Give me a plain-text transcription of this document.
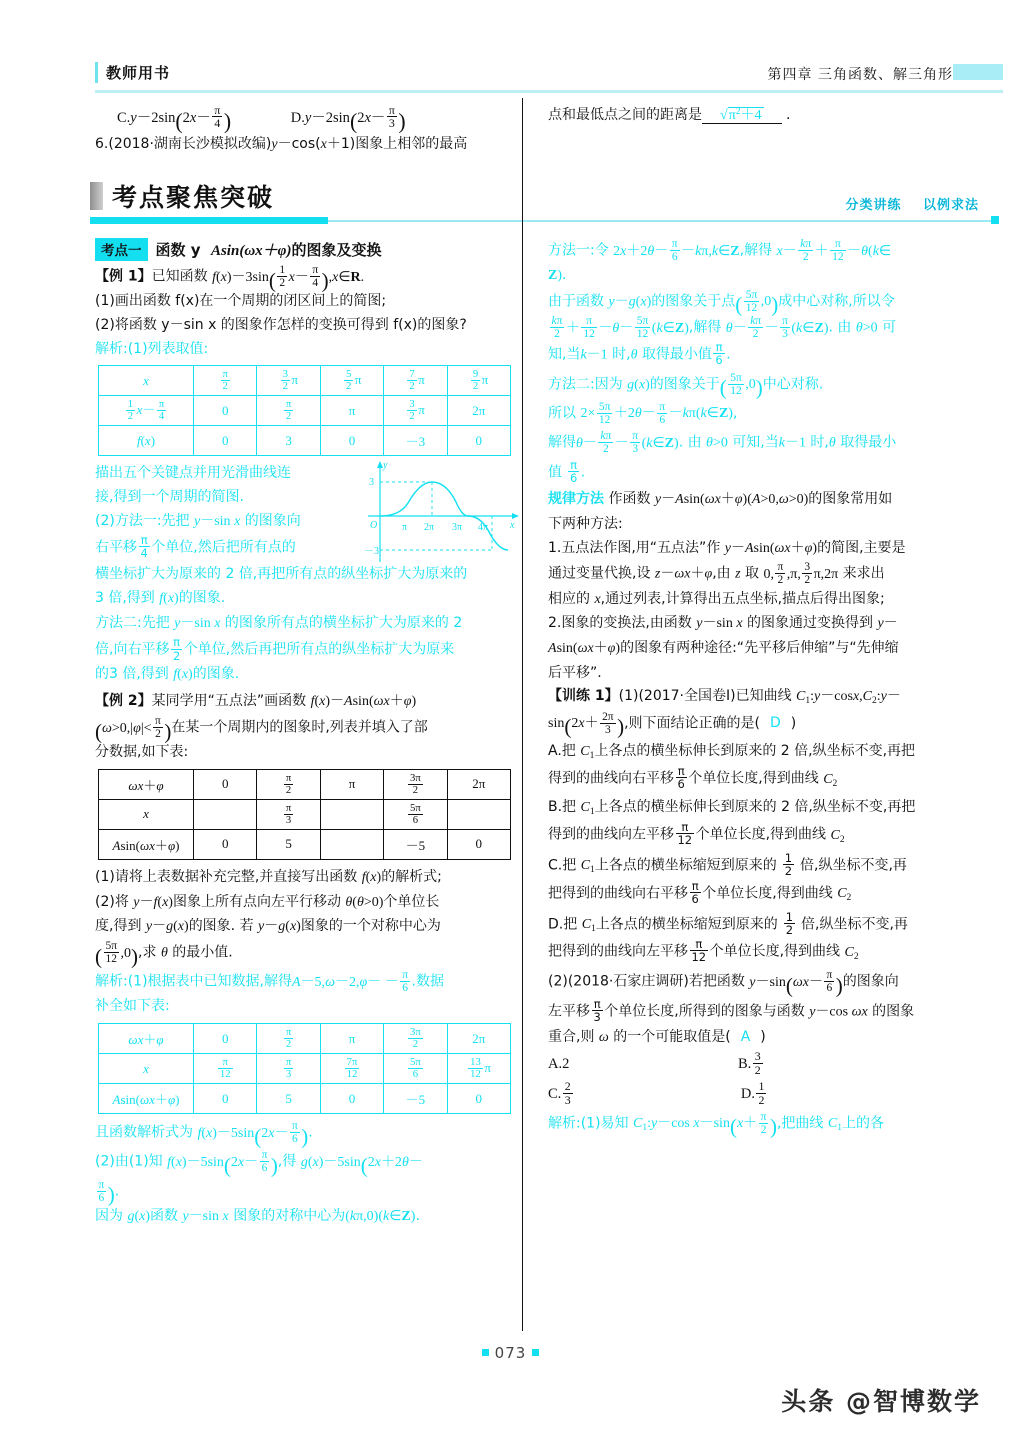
教师用书	第四章 三角函数、解三角形
$C.y-2\sin(2x- \frac{\pi}{4}$ )	$D.y-2\sin(2x- \frac{\pi}{3}$ )
6.(2018·湖南长沙模拟改编)y－cos(x＋1)图象上相邻的最高
点和最低点之间的距离是 $√\pi^2+4$ .
考点聚焦突破	分类讲练 以例求法
考点一 函数 y Asin(ωx＋φ)的图象及变换
【例 1】已知函数 $f(x)-3\sin( \frac{1}{2} x- \frac{\pi}{4}$ ),x∈R.
(1)画出函数 f(x)在一个周期的闭区间上的简图;
(2)将函数 y－sin x 的图象作怎样的变换可得到 f(x)的图象?
解析:(1)列表取值:
x	$\frac{\pi}{2}$	$\frac{3}{2}$ π	$\frac{5}{2}$ π	$\frac{7}{2}$ π	$\frac{9}{2}$ π

$\frac{1}{2} x- \frac{\pi}{4}$	0	$\frac{\pi}{2}$	π	$\frac{3}{2}$ π	2π
f(x)	0	3	0	－3	0
y
x
3
－3
O π 2π 3π 4π
描出五个关键点并用光滑曲线连
接,得到一个周期的简图.
(2)方法一:先把 y－sin x 的图象向
右平移 $\frac{\pi}{4}$ 个单位,然后把所有点的
横坐标扩大为原来的 2 倍,再把所有点的纵坐标扩大为原来的
3 倍,得到 f(x)的图象.
方法二:先把 y－sin x 的图象所有点的横坐标扩大为原来的 2
倍,向右平移 $\frac{\pi}{2}$ 个单位,然后再把所有点的纵坐标扩大为原来
的3 倍,得到 f(x)的图象.
【例 2】某同学用“五点法”画函数 f(x)－Asin(ωx＋φ)
($\omega>0,|\varphi|< \frac{\pi}{2}$ )在某一个周期内的图象时,列表并填入了部
分数据,如下表:
ωx＋φ	0	$\frac{\pi}{2}$	π	$\frac{3\pi}{2}$	2π
x		$\frac{\pi}{3}$		$\frac{5\pi}{6}$

Asin(ωx＋φ)	0	5		－5	0
(1)请将上表数据补充完整,并直接写出函数 f(x)的解析式;
(2)将 y－f(x)图象上所有点向左平行移动 θ(θ>0)个单位长
度,得到 y－g(x)的图象. 若 y－g(x)图象的一个对称中心为
( $\frac{5\pi}{12} ,0$),求 θ 的最小值.
解析:(1)根据表中已知数据,解得$A-5,\omega-2,\varphi- - \frac{\pi}{6}$ .数据
补全如下表:
ωx＋φ	0	$\frac{\pi}{2}$	π	$\frac{3\pi}{2}$	2π
x	$\frac{\pi}{12}$	$\frac{\pi}{3}$	$\frac{7\pi}{12}$	$\frac{5\pi}{6}$	$\frac{13}{12}$ π
Asin(ωx＋φ)	0	5	0	－5	0
且函数解析式为 $f(x)-5\sin(2x- \frac{\pi}{6}$ ).
(2)由(1)知 $f(x)-5\sin(2x- \frac{\pi}{6}$ ),得 g(x)－5sin(2x＋2θ－
$\frac{\pi}{6}$ ).
因为 g(x)函数 y－sin x 图象的对称中心为(kπ,0)(k∈Z).
方法一:令 $2x+2\theta- \frac{\pi}{6}$ －kπ,k∈Z,解得 $x- \frac{k\pi}{2} + \frac{\pi}{12}$ －θ(k∈
Z).
由于函数 y－g(x)的图象关于点( $\frac{5\pi}{12} ,0$)成中心对称,所以令
$\frac{k\pi}{2} + \frac{\pi}{12} -\theta- \frac{5\pi}{12}$ (k∈Z),解得 $\theta- \frac{k\pi}{2} - \frac{\pi}{3}$ (k∈Z). 由 θ>0 可
知,当k－1 时,θ 取得最小值 $\frac{\pi}{6}$ .
方法二:因为 g(x)的图象关于( $\frac{5\pi}{12} ,0$)中心对称.
所以 $2\times \frac{5\pi}{12} +2\theta- \frac{\pi}{6}$ －kπ(k∈Z),
解得$\theta- \frac{k\pi}{2} - \frac{\pi}{3}$ (k∈Z). 由 θ>0 可知,当k－1 时,θ 取得最小
值 $\frac{\pi}{6}$ .
规律方法 作函数 y－Asin(ωx＋φ)(A>0,ω>0)的图象常用如
下两种方法:
1.五点法作图,用“五点法”作 y－Asin(ωx＋φ)的简图,主要是
通过变量代换,设 z－ωx＋φ,由 z 取 0, $\frac{\pi}{2} ,\pi$, $\frac{3}{2} \pi,2\pi$ 来求出
相应的 x,通过列表,计算得出五点坐标,描点后得出图象;
2.图象的变换法,由函数 y－sin x 的图象通过变换得到 y－
Asin(ωx＋φ)的图象有两种途径:“先平移后伸缩”与“先伸缩
后平移”.
【训练 1】(1)(2017·全国卷Ⅰ)已知曲线 $C_1:y-\cos x,C_2:y-$
$\sin(2x+ \frac{2\pi}{3}$ ),则下面结论正确的是( D )
A.把 $C_1$上各点的横坐标伸长到原来的 2 倍,纵坐标不变,再把
得到的曲线向右平移 $\frac{\pi}{6}$ 个单位长度,得到曲线 $C_2$
B.把 $C_1$上各点的横坐标伸长到原来的 2 倍,纵坐标不变,再把
得到的曲线向左平移 $\frac{\pi}{12}$ 个单位长度,得到曲线 $C_2$
C.把 $C_1$上各点的横坐标缩短到原来的 $\frac{1}{2}$ 倍,纵坐标不变,再
把得到的曲线向右平移 $\frac{\pi}{6}$ 个单位长度,得到曲线 $C_2$
D.把 $C_1$上各点的横坐标缩短到原来的 $\frac{1}{2}$ 倍,纵坐标不变,再
把得到的曲线向左平移 $\frac{\pi}{12}$ 个单位长度,得到曲线 $C_2$
(2)(2018·石家庄调研)若把函数 $y-\sin(\omega x- \frac{\pi}{6}$ )的图象向
左平移 $\frac{\pi}{3}$ 个单位长度,所得到的图象与函数 y－cos ωx 的图象
重合,则 ω 的一个可能取值是( A )
A.2	B. $\frac{3}{2}$
C. $\frac{2}{3}$	D. $\frac{1}{2}$
解析:(1)易知 $C_1:y-\cos$ $x-\sin(x+ \frac{\pi}{2}$ ),把曲线 $C_1$上的各
073
头条 @智博数学
